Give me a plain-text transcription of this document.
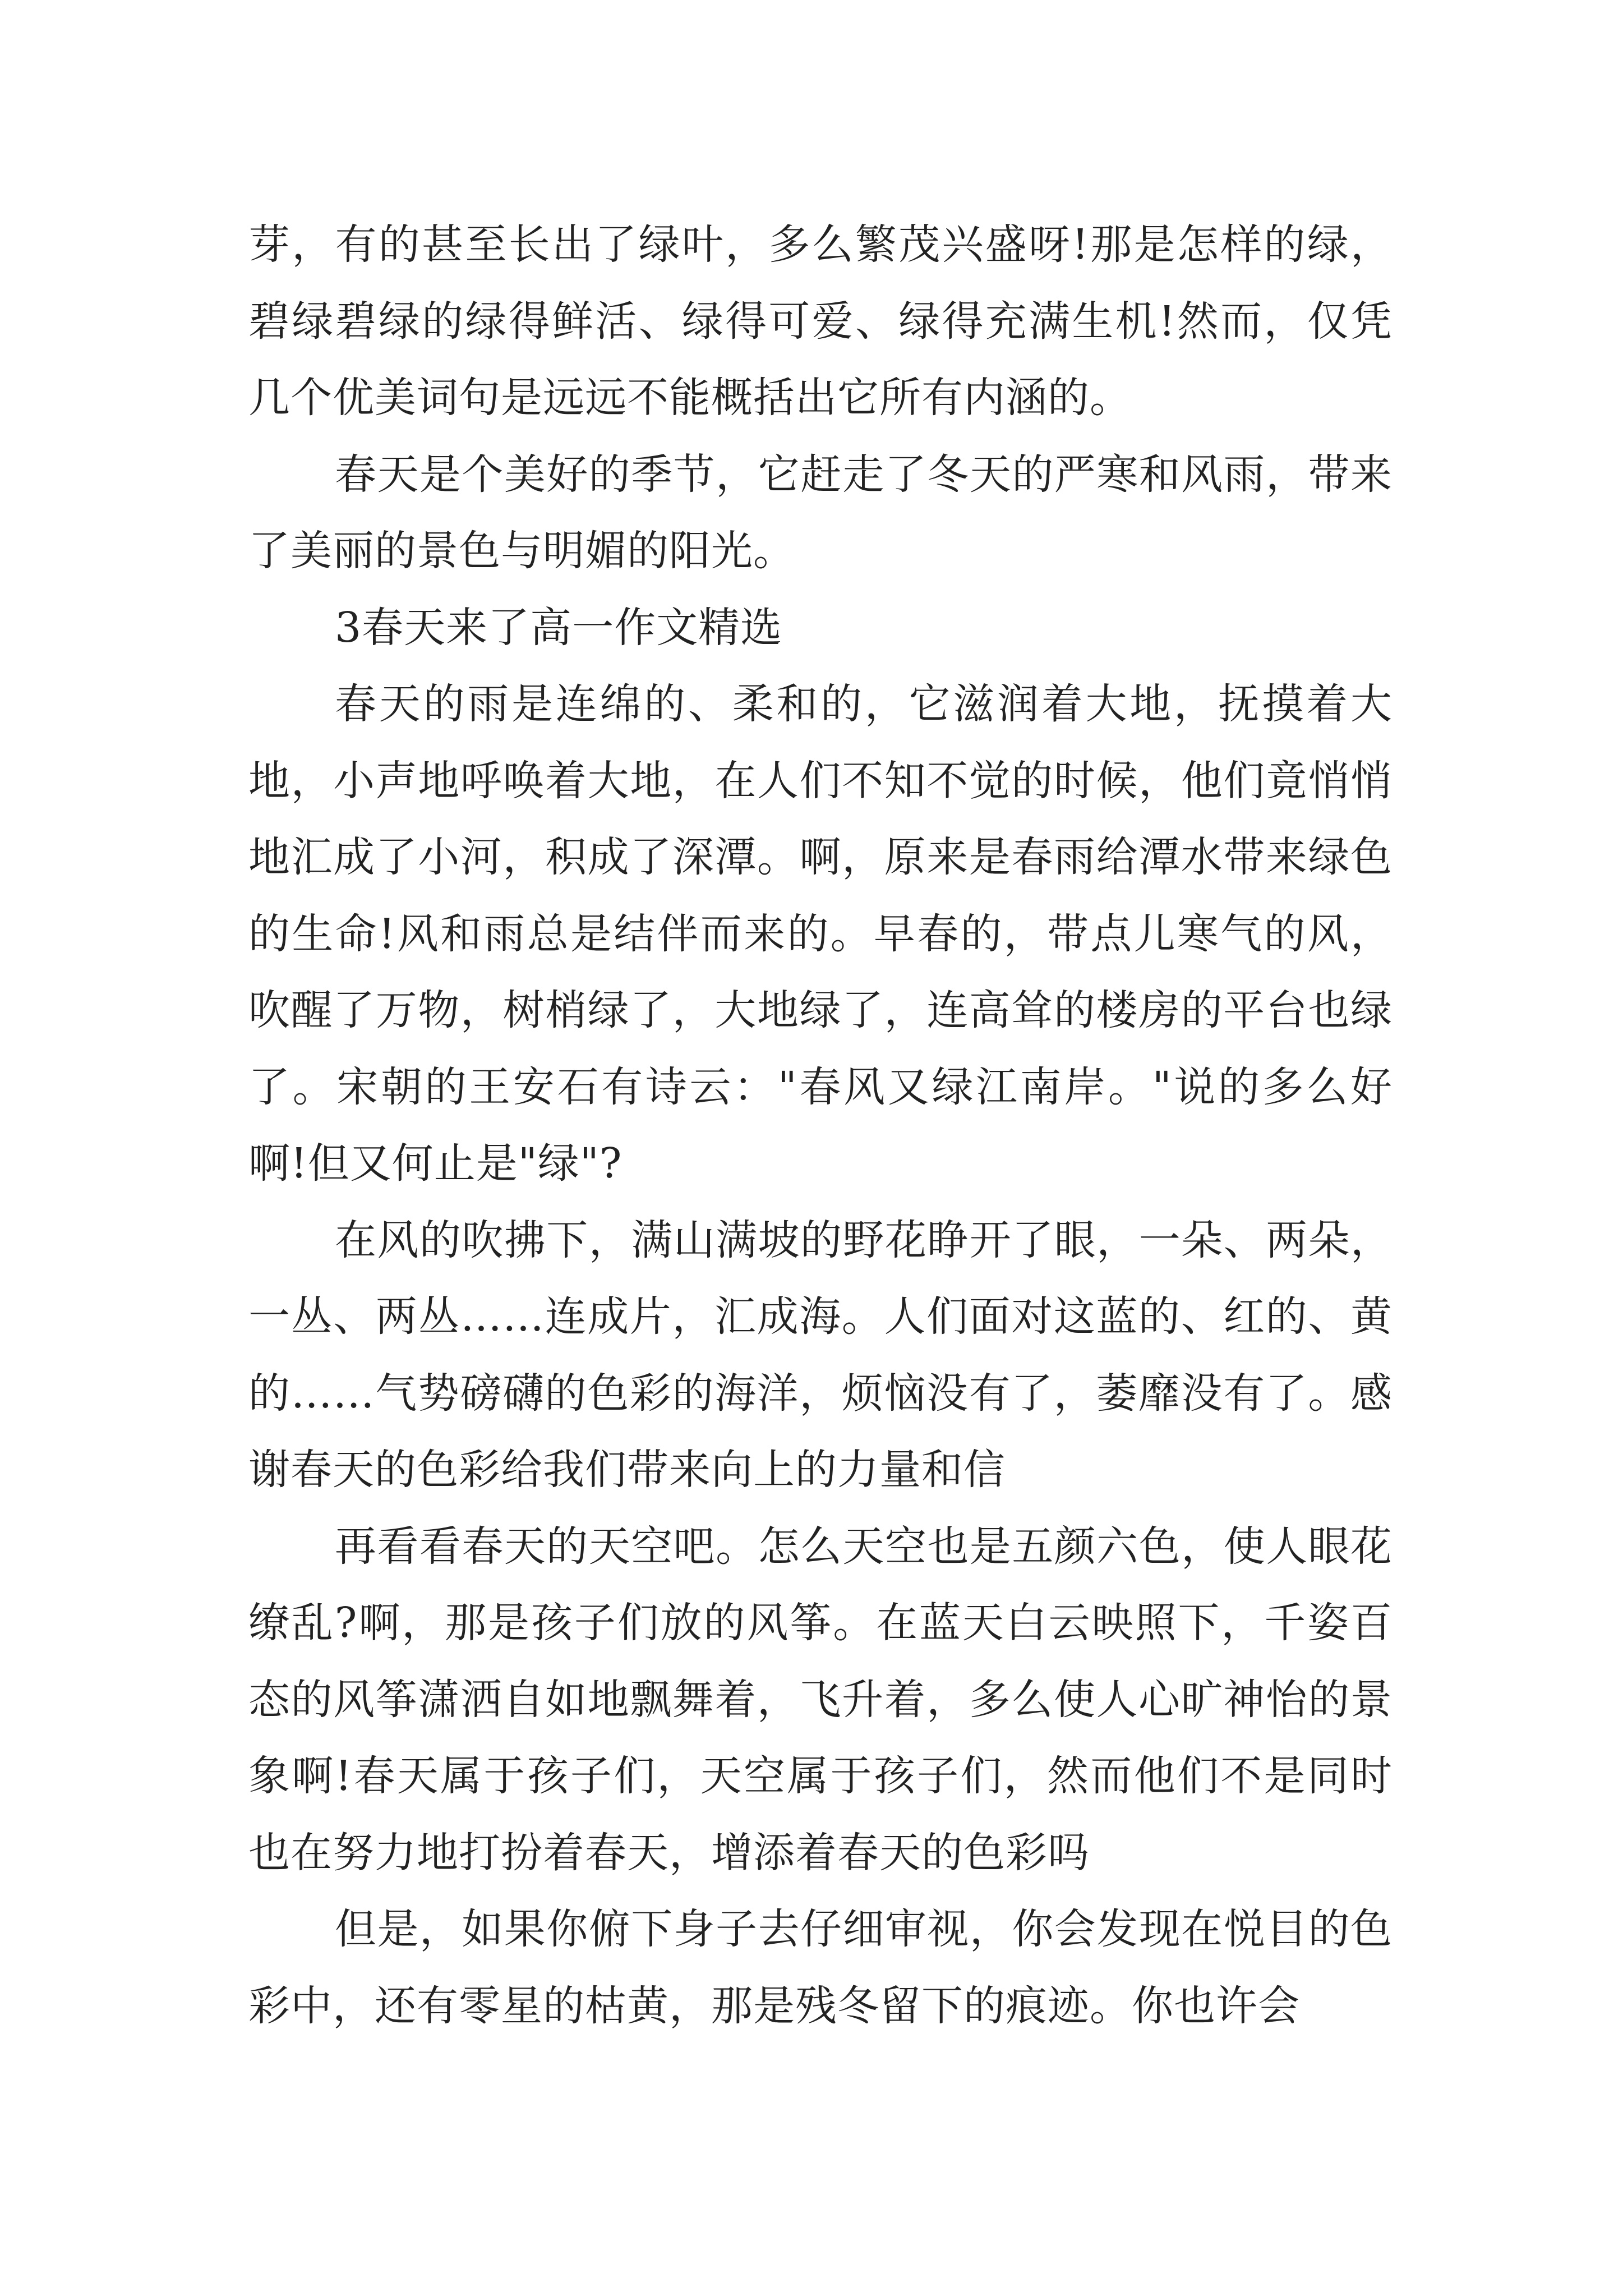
芽，有的甚至长出了绿叶，多么繁茂兴盛呀!那是怎样的绿，碧绿碧绿的绿得鲜活、绿得可爱、绿得充满生机!然而，仅凭几个优美词句是远远不能概括出它所有内涵的。

春天是个美好的季节，它赶走了冬天的严寒和风雨，带来了美丽的景色与明媚的阳光。

3春天来了高一作文精选

春天的雨是连绵的、柔和的，它滋润着大地，抚摸着大地，小声地呼唤着大地，在人们不知不觉的时候，他们竟悄悄地汇成了小河，积成了深潭。啊，原来是春雨给潭水带来绿色的生命!风和雨总是结伴而来的。早春的，带点儿寒气的风，吹醒了万物，树梢绿了，大地绿了，连高耸的楼房的平台也绿了。宋朝的王安石有诗云："春风又绿江南岸。"说的多么好啊!但又何止是"绿"?

在风的吹拂下，满山满坡的野花睁开了眼，一朵、两朵，一丛、两丛……连成片，汇成海。人们面对这蓝的、红的、黄的……气势磅礴的色彩的海洋，烦恼没有了，萎靡没有了。感谢春天的色彩给我们带来向上的力量和信

再看看春天的天空吧。怎么天空也是五颜六色，使人眼花缭乱?啊，那是孩子们放的风筝。在蓝天白云映照下，千姿百态的风筝潇洒自如地飘舞着，飞升着，多么使人心旷神怡的景象啊!春天属于孩子们，天空属于孩子们，然而他们不是同时也在努力地打扮着春天，增添着春天的色彩吗

但是，如果你俯下身子去仔细审视，你会发现在悦目的色彩中，还有零星的枯黄，那是残冬留下的痕迹。你也许会
